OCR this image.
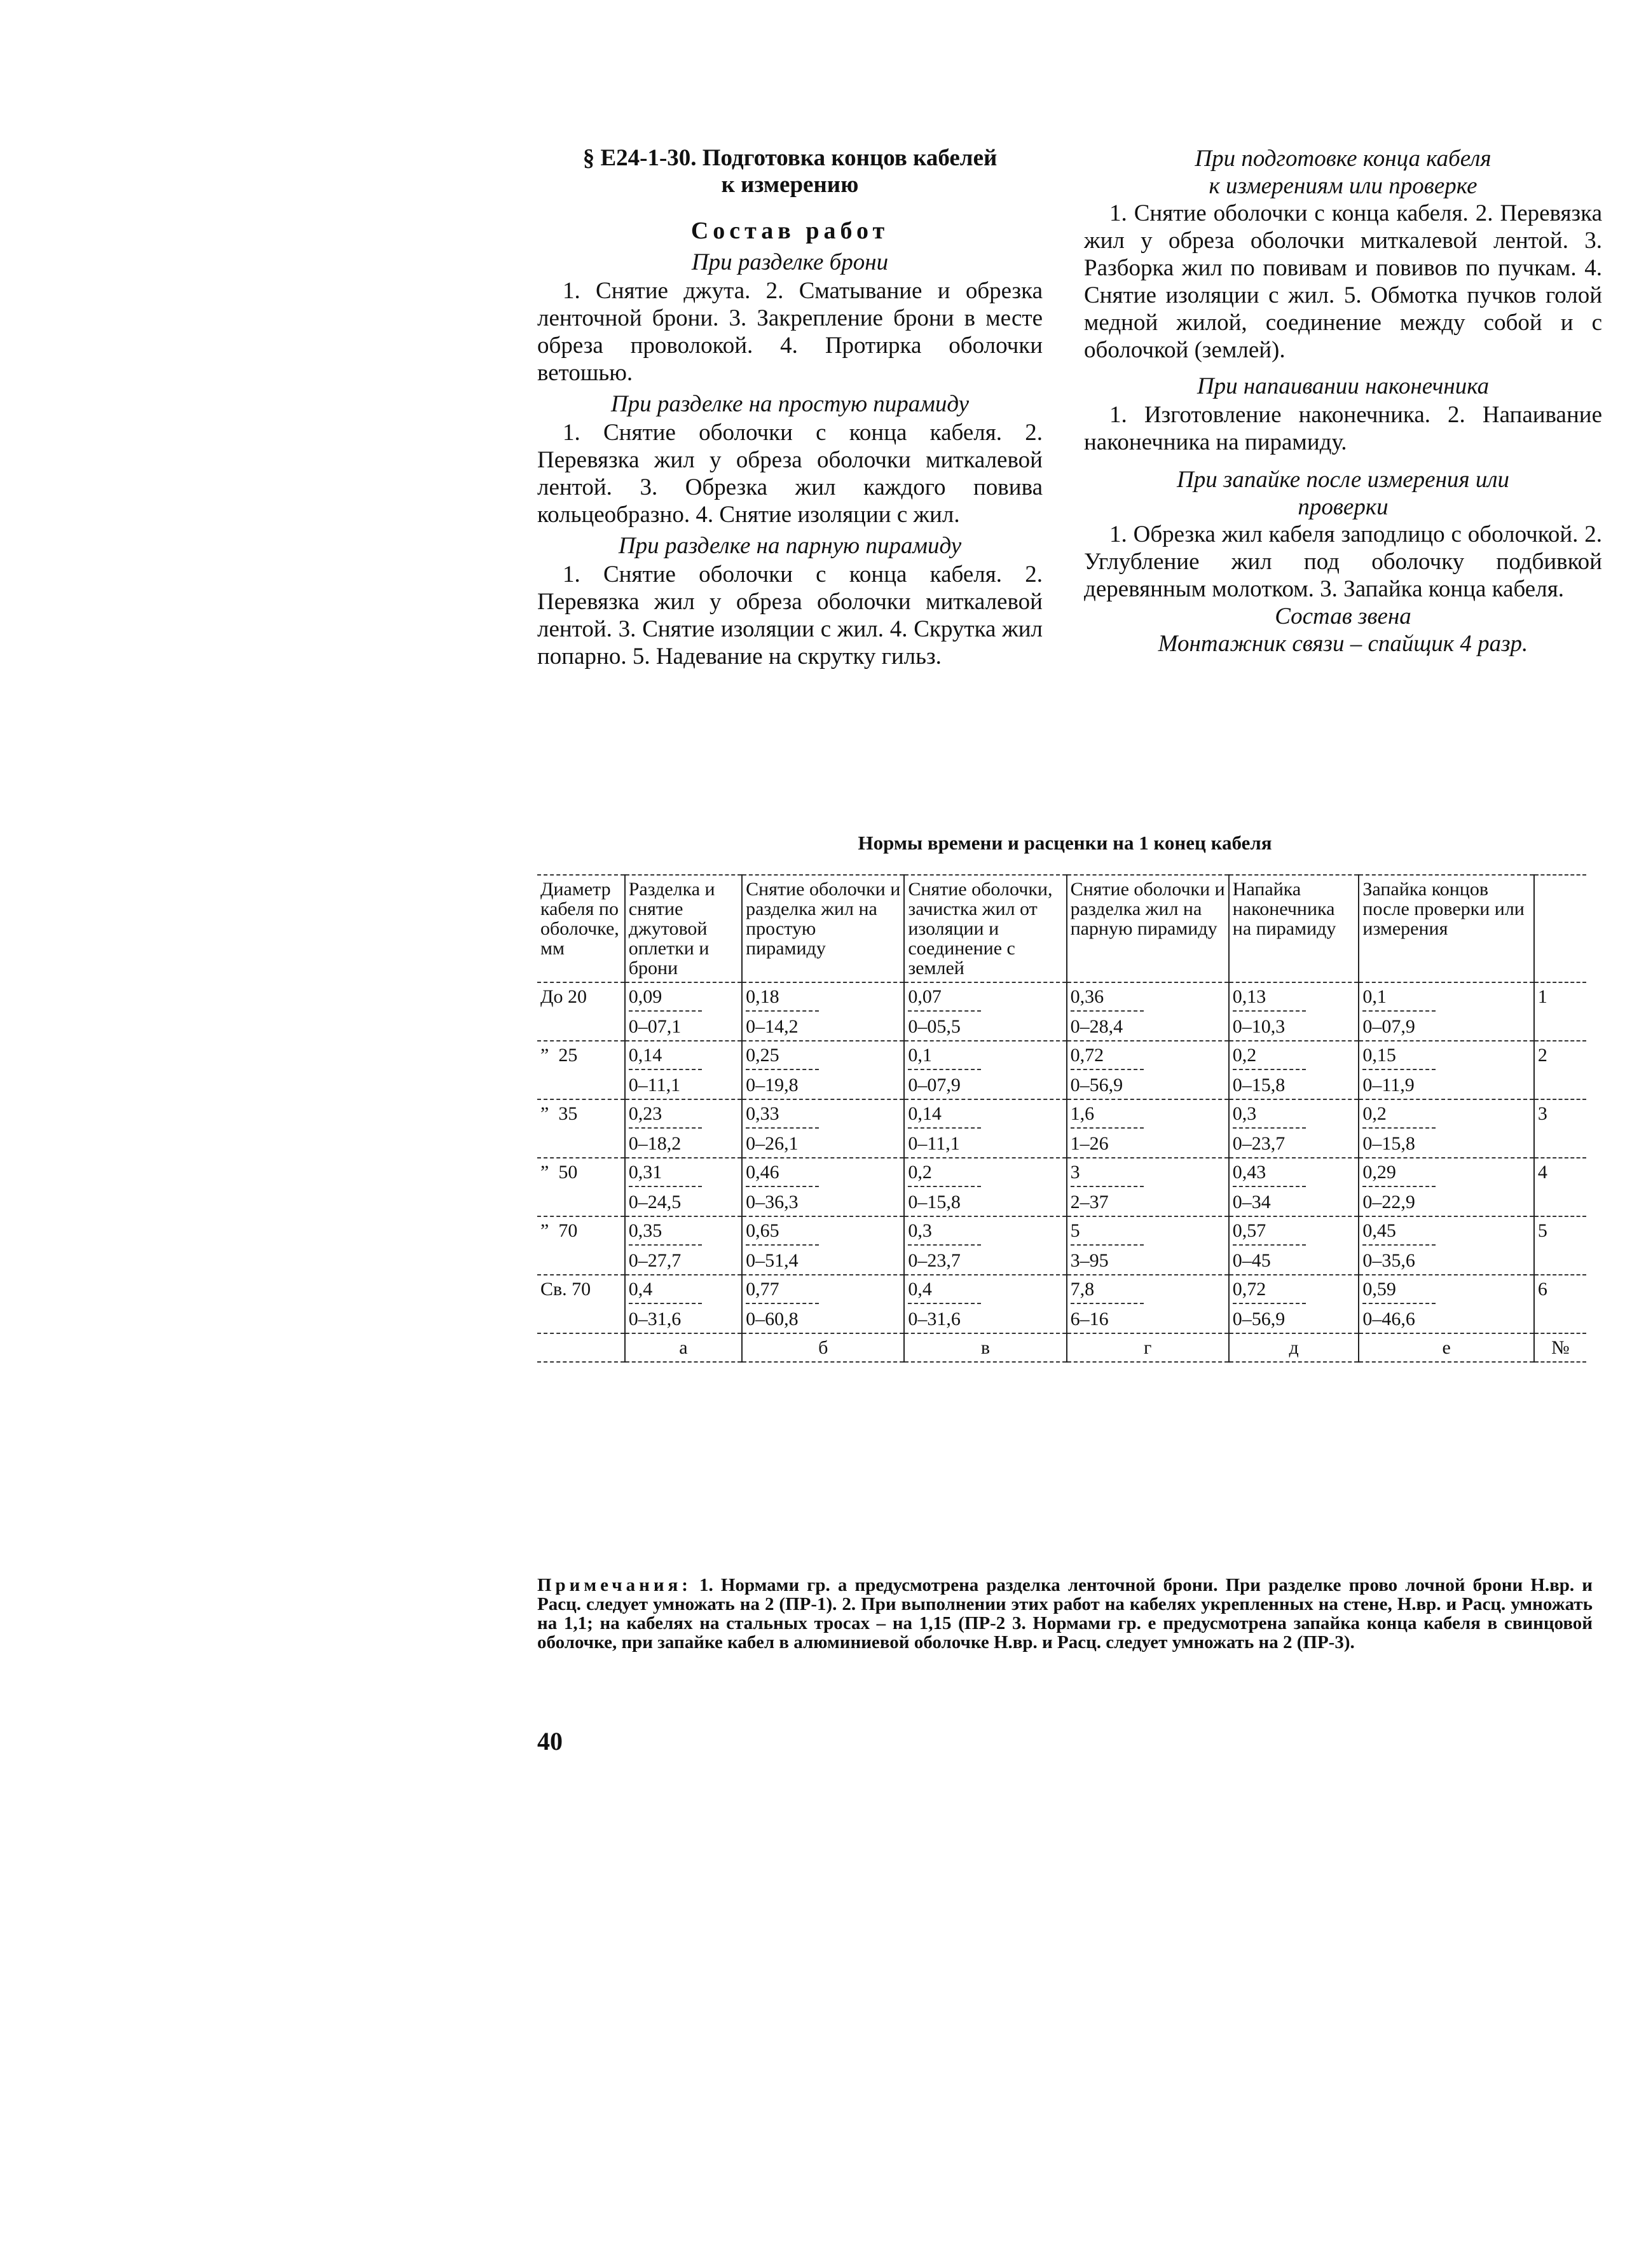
§ Е24-1-30. Подготовка концов кабелей
к измерению
Состав работ
При разделке брони

1. Снятие джута. 2. Сматывание и обрезка ленточной брони. 3. Закрепление брони в месте обреза проволокой. 4. Протирка оболочки ветошью.

При разделке на простую пирамиду

1. Снятие оболочки с конца кабеля. 2. Перевязка жил у обреза оболочки миткалевой лентой. 3. Обрезка жил каждого повива кольцеобразно. 4. Снятие изоляции с жил.

При разделке на парную пирамиду

1. Снятие оболочки с конца кабеля. 2. Перевязка жил у обреза оболочки миткалевой лентой. 3. Снятие изоляции с жил. 4. Скрутка жил попарно. 5. Надевание на скрутку гильз.

При подготовке конца кабеля
к измерениям или проверке

1. Снятие оболочки с конца кабеля. 2. Перевязка жил у обреза оболочки миткалевой лентой. 3. Разборка жил по повивам и повивов по пучкам. 4. Снятие изоляции с жил. 5. Обмотка пучков голой медной жилой, соединение между собой и с оболочкой (землей).

При напаивании наконечника

1. Изготовление наконечника. 2. Напаивание наконечника на пирамиду.

При запайке после измерения или
проверки

1. Обрезка жил кабеля заподлицо с оболочкой. 2. Углубление жил под оболочку подбивкой деревянным молотком. 3. Запайка конца кабеля.

Состав звена
Монтажник связи – спайщик 4 разр.
Нормы времени и расценки на 1 конец кабеля
Диаметр кабеля по оболочке, мм	Разделка и снятие джутовой оплетки и брони	Снятие оболочки и разделка жил на простую пирамиду	Снятие оболочки, зачистка жил от изоляции и соединение с землей	Снятие оболочки и разделка жил на парную пирамиду	Напайка наконечника на пирамиду	Запайка концов после проверки или измерения	
До 20	$\frac{0,09}{0-07,1}$	$\frac{0,18}{0-14,2}$	$\frac{0,07}{0-05,5}$	$\frac{0,36}{0-28,4}$	$\frac{0,13}{0-10,3}$	$\frac{0,1}{0-07,9}$	1
”  25	$\frac{0,14}{0-11,1}$	$\frac{0,25}{0-19,8}$	$\frac{0,1}{0-07,9}$	$\frac{0,72}{0-56,9}$	$\frac{0,2}{0-15,8}$	$\frac{0,15}{0-11,9}$	2
”  35	$\frac{0,23}{0-18,2}$	$\frac{0,33}{0-26,1}$	$\frac{0,14}{0-11,1}$	$\frac{1,6}{1-26}$	$\frac{0,3}{0-23,7}$	$\frac{0,2}{0-15,8}$	3
”  50	$\frac{0,31}{0-24,5}$	$\frac{0,46}{0-36,3}$	$\frac{0,2}{0-15,8}$	$\frac{3}{2-37}$	$\frac{0,43}{0-34}$	$\frac{0,29}{0-22,9}$	4
”  70	$\frac{0,35}{0-27,7}$	$\frac{0,65}{0-51,4}$	$\frac{0,3}{0-23,7}$	$\frac{5}{3-95}$	$\frac{0,57}{0-45}$	$\frac{0,45}{0-35,6}$	5
Св. 70	$\frac{0,4}{0-31,6}$	$\frac{0,77}{0-60,8}$	$\frac{0,4}{0-31,6}$	$\frac{7,8}{6-16}$	$\frac{0,72}{0-56,9}$	$\frac{0,59}{0-46,6}$	6
	а	б	в	г	д	е	№
Примечания: 1. Нормами гр. а предусмотрена разделка ленточной брони. При разделке прово лочной брони Н.вр. и Расц. следует умножать на 2 (ПР-1). 2. При выполнении этих работ на кабелях укрепленных на стене, Н.вр. и Расц. умножать на 1,1; на кабелях на стальных тросах – на 1,15 (ПР-2 3. Нормами гр. е предусмотрена запайка конца кабеля в свинцовой оболочке, при запайке кабел в алюминиевой оболочке Н.вр. и Расц. следует умножать на 2 (ПР-3).
40
